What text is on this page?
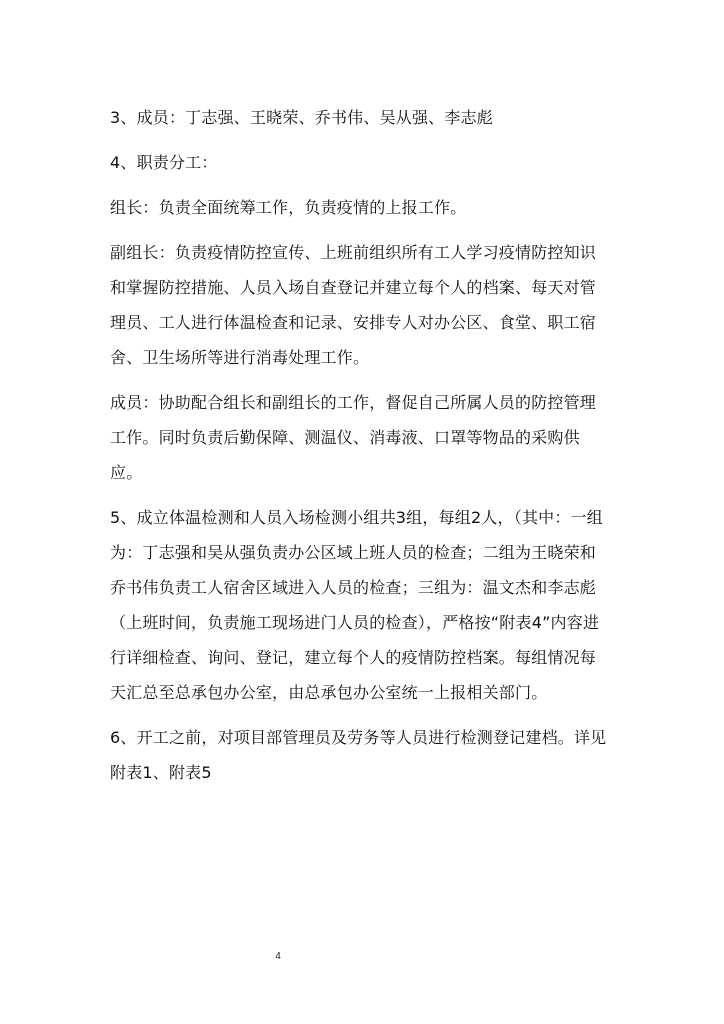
3、成员：丁志强、王晓荣、乔书伟、吴从强、李志彪

4、职责分工：

组长：负责全面统筹工作，负责疫情的上报工作。

副组长：负责疫情防控宣传、上班前组织所有工人学习疫情防控知识和掌握防控措施、人员入场自查登记并建立每个人的档案、每天对管理员、工人进行体温检查和记录、安排专人对办公区、食堂、职工宿舍、卫生场所等进行消毒处理工作。

成员：协助配合组长和副组长的工作，督促自己所属人员的防控管理工作。同时负责后勤保障、测温仪、消毒液、口罩等物品的采购供应。

5、成立体温检测和人员入场检测小组共3组，每组2人，（其中：一组为：丁志强和吴从强负责办公区域上班人员的检查；二组为王晓荣和乔书伟负责工人宿舍区域进入人员的检查；三组为：温文杰和李志彪（上班时间，负责施工现场进门人员的检查），严格按“附表4”内容进行详细检查、询问、登记，建立每个人的疫情防控档案。每组情况每天汇总至总承包办公室，由总承包办公室统一上报相关部门。

6、开工之前，对项目部管理员及劳务等人员进行检测登记建档。详见附表1、附表5

4
